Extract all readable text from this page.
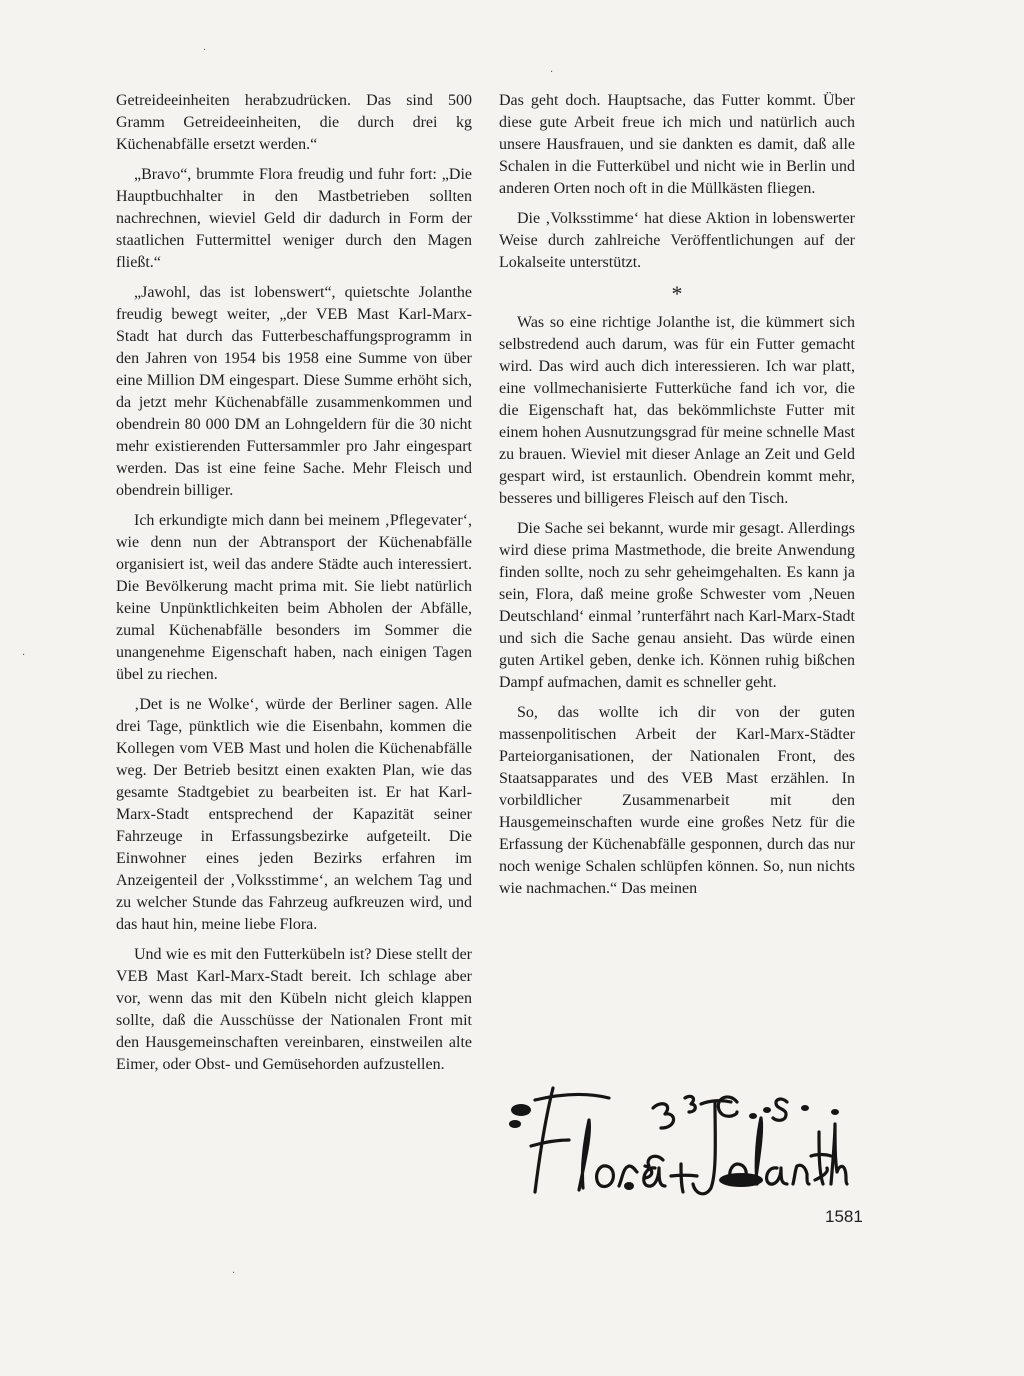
Getreideeinheiten herabzudrücken. Das sind 500 Gramm Getreideeinheiten, die durch drei kg Küchenabfälle ersetzt werden.“

„Bravo“, brummte Flora freudig und fuhr fort: „Die Hauptbuchhalter in den Mastbetrieben sollten nachrechnen, wieviel Geld dir dadurch in Form der staatlichen Futtermittel weniger durch den Magen fließt.“

„Jawohl, das ist lobenswert“, quietschte Jolanthe freudig bewegt weiter, „der VEB Mast Karl-Marx-Stadt hat durch das Futterbeschaffungsprogramm in den Jahren von 1954 bis 1958 eine Summe von über eine Million DM eingespart. Diese Summe erhöht sich, da jetzt mehr Küchenabfälle zusammenkommen und obendrein 80 000 DM an Lohngeldern für die 30 nicht mehr existierenden Futtersammler pro Jahr eingespart werden. Das ist eine feine Sache. Mehr Fleisch und obendrein billiger.

Ich erkundigte mich dann bei meinem ‚Pflegevater‘, wie denn nun der Abtransport der Küchenabfälle organisiert ist, weil das andere Städte auch interessiert. Die Bevölkerung macht prima mit. Sie liebt natürlich keine Unpünktlichkeiten beim Abholen der Abfälle, zumal Küchenabfälle besonders im Sommer die unangenehme Eigenschaft haben, nach einigen Tagen übel zu riechen.

‚Det is ne Wolke‘, würde der Berliner sagen. Alle drei Tage, pünktlich wie die Eisenbahn, kommen die Kollegen vom VEB Mast und holen die Küchenabfälle weg. Der Betrieb besitzt einen exakten Plan, wie das gesamte Stadtgebiet zu bearbeiten ist. Er hat Karl-Marx-Stadt entsprechend der Kapazität seiner Fahrzeuge in Erfassungsbezirke aufgeteilt. Die Einwohner eines jeden Bezirks erfahren im Anzeigenteil der ‚Volksstimme‘, an welchem Tag und zu welcher Stunde das Fahrzeug aufkreuzen wird, und das haut hin, meine liebe Flora.

Und wie es mit den Futterkübeln ist? Diese stellt der VEB Mast Karl-Marx-Stadt bereit. Ich schlage aber vor, wenn das mit den Kübeln nicht gleich klappen sollte, daß die Ausschüsse der Nationalen Front mit den Hausgemeinschaften vereinbaren, einstweilen alte Eimer, oder Obst- und Gemüsehorden aufzustellen.

Das geht doch. Hauptsache, das Futter kommt. Über diese gute Arbeit freue ich mich und natürlich auch unsere Hausfrauen, und sie dankten es damit, daß alle Schalen in die Futterkübel und nicht wie in Berlin und anderen Orten noch oft in die Müllkästen fliegen.

Die ‚Volksstimme‘ hat diese Aktion in lobenswerter Weise durch zahlreiche Veröffentlichungen auf der Lokalseite unterstützt.

*

Was so eine richtige Jolanthe ist, die kümmert sich selbstredend auch darum, was für ein Futter gemacht wird. Das wird auch dich interessieren. Ich war platt, eine vollmechanisierte Futterküche fand ich vor, die die Eigenschaft hat, das bekömmlichste Futter mit einem hohen Ausnutzungsgrad für meine schnelle Mast zu brauen. Wieviel mit dieser Anlage an Zeit und Geld gespart wird, ist erstaunlich. Obendrein kommt mehr, besseres und billigeres Fleisch auf den Tisch.

Die Sache sei bekannt, wurde mir gesagt. Allerdings wird diese prima Mastmethode, die breite Anwendung finden sollte, noch zu sehr geheimgehalten. Es kann ja sein, Flora, daß meine große Schwester vom ‚Neuen Deutschland‘ einmal ’runterfährt nach Karl-Marx-Stadt und sich die Sache genau ansieht. Das würde einen guten Artikel geben, denke ich. Können ruhig bißchen Dampf aufmachen, damit es schneller geht.

So, das wollte ich dir von der guten massenpolitischen Arbeit der Karl-Marx-Städter Parteiorganisationen, der Nationalen Front, des Staatsapparates und des VEB Mast erzählen. In vorbildlicher Zusammenarbeit mit den Hausgemeinschaften wurde eine großes Netz für die Erfassung der Küchenabfälle gesponnen, durch das nur noch wenige Schalen schlüpfen können. So, nun nichts wie nachmachen.“ Das meinen

1581
·
·
·
·
